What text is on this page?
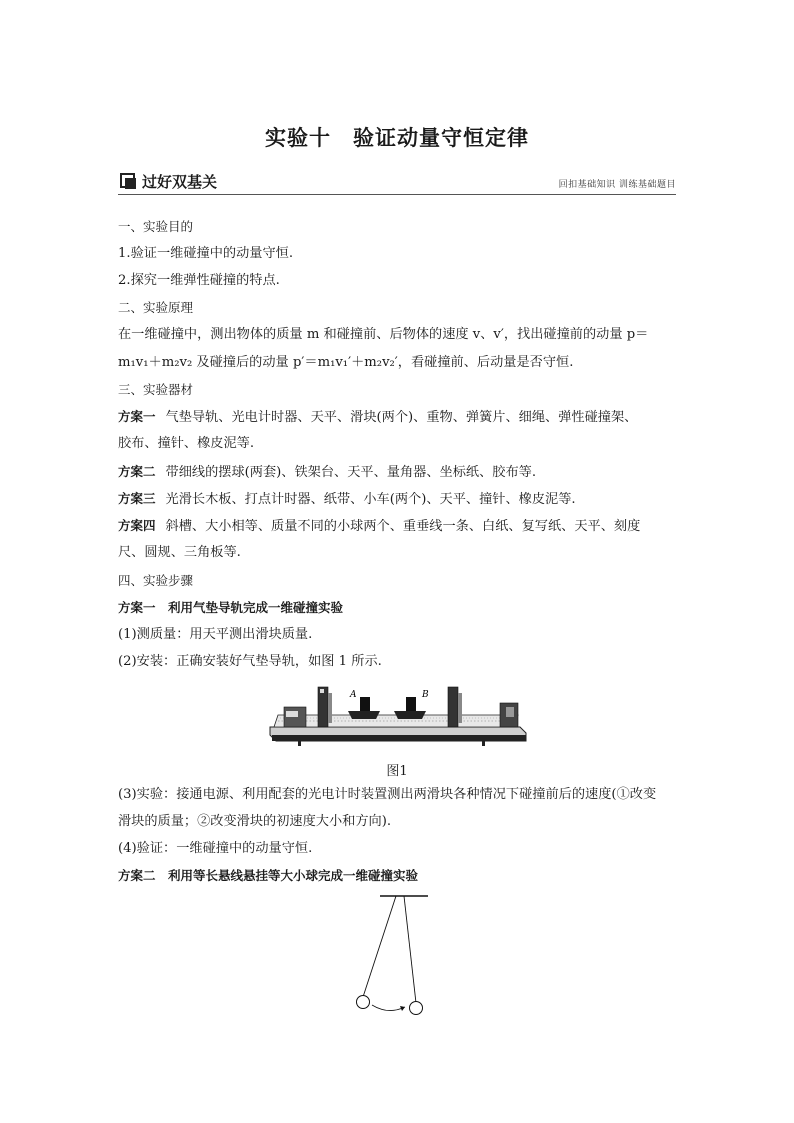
实验十　验证动量守恒定律
过好双基关	回扣基础知识 训练基础题目
一、实验目的
1.验证一维碰撞中的动量守恒.
2.探究一维弹性碰撞的特点.
二、实验原理
在一维碰撞中，测出物体的质量 m 和碰撞前、后物体的速度 v、v′，找出碰撞前的动量 p＝
m₁v₁＋m₂v₂ 及碰撞后的动量 p′＝m₁v₁′＋m₂v₂′，看碰撞前、后动量是否守恒.
三、实验器材
方案一 气垫导轨、光电计时器、天平、滑块(两个)、重物、弹簧片、细绳、弹性碰撞架、
胶布、撞针、橡皮泥等.
方案二 带细线的摆球(两套)、铁架台、天平、量角器、坐标纸、胶布等.
方案三 光滑长木板、打点计时器、纸带、小车(两个)、天平、撞针、橡皮泥等.
方案四 斜槽、大小相等、质量不同的小球两个、重垂线一条、白纸、复写纸、天平、刻度
尺、圆规、三角板等.
四、实验步骤
方案一　利用气垫导轨完成一维碰撞实验
(1)测质量：用天平测出滑块质量.
(2)安装：正确安装好气垫导轨，如图 1 所示.
(3)实验：接通电源、利用配套的光电计时装置测出两滑块各种情况下碰撞前后的速度(①改变
滑块的质量；②改变滑块的初速度大小和方向).
(4)验证：一维碰撞中的动量守恒.
方案二　利用等长悬线悬挂等大小球完成一维碰撞实验
A	B
图1
